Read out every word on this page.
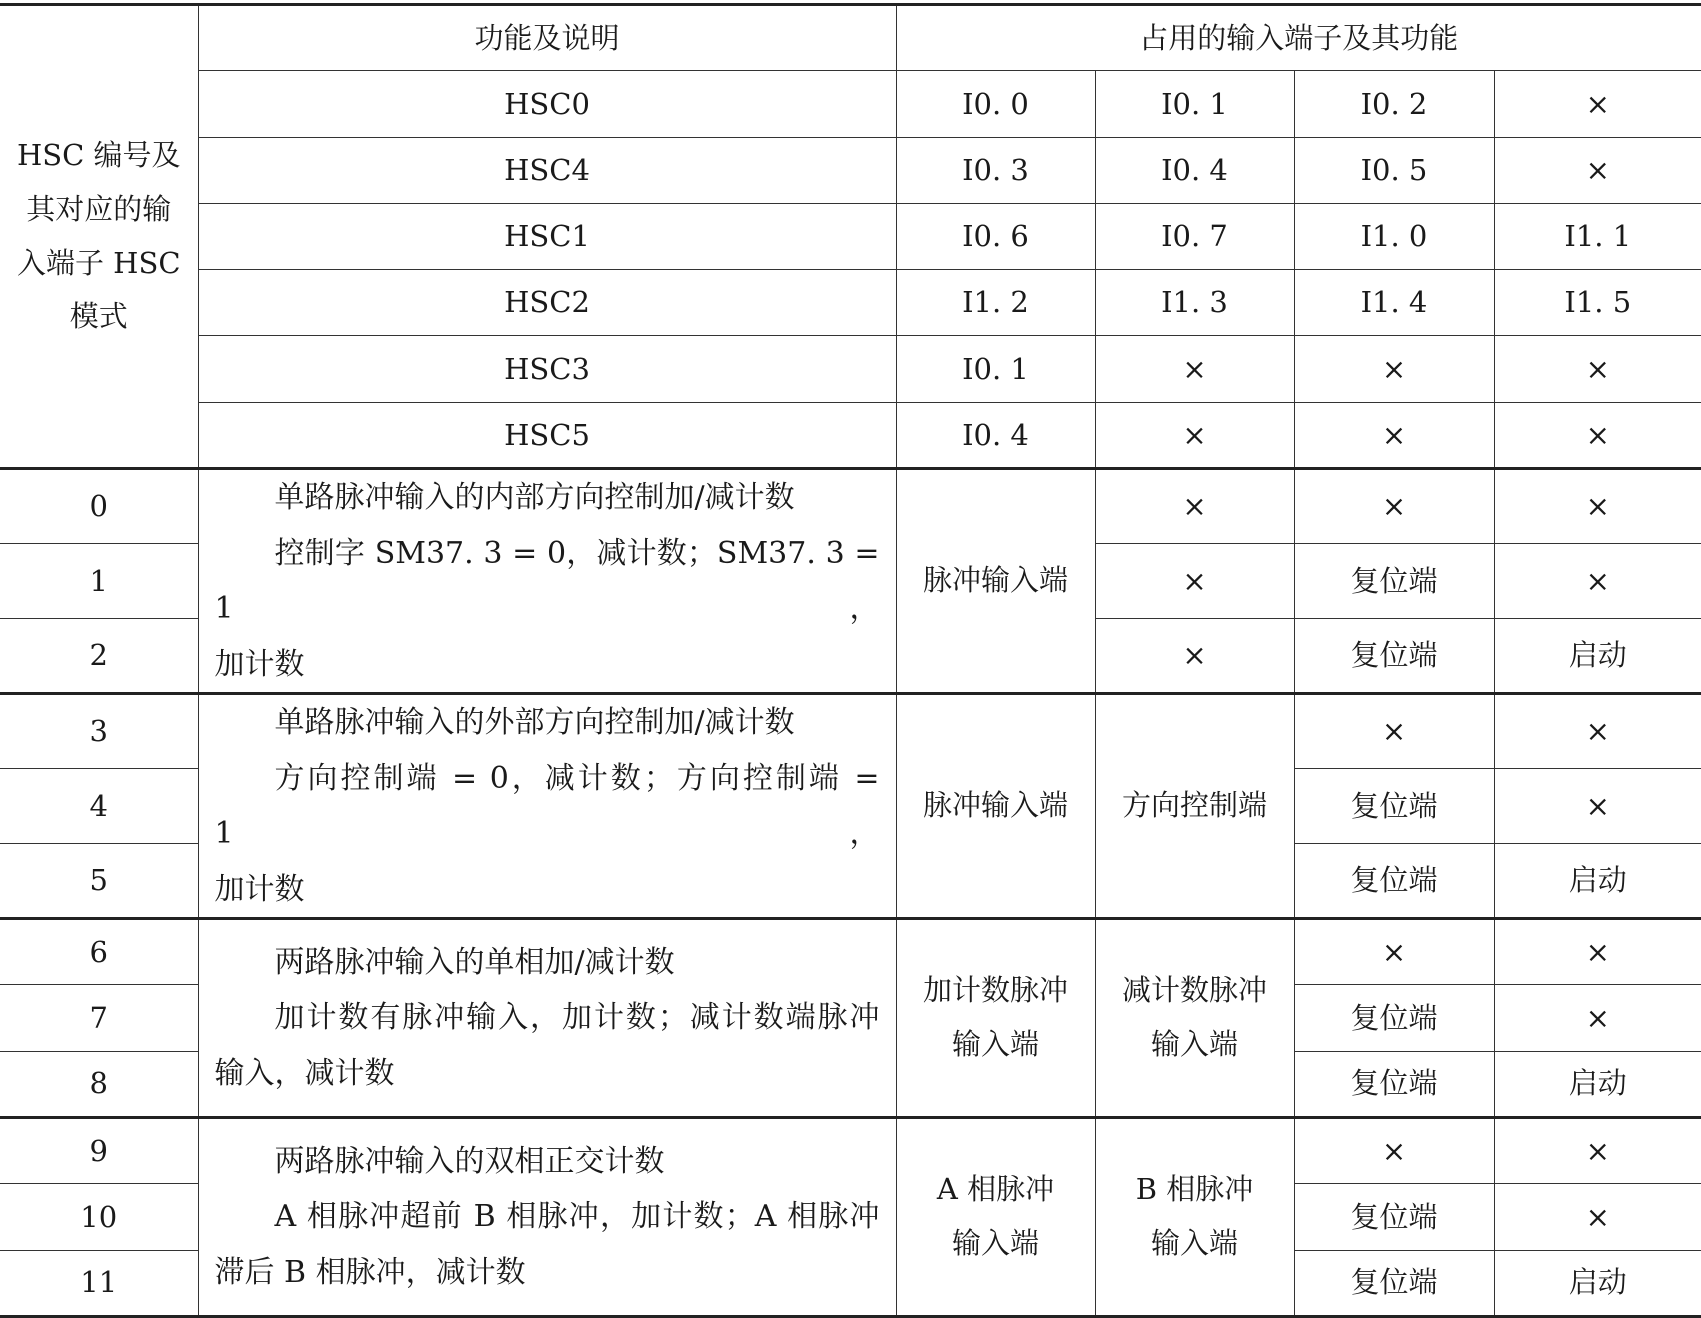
HSC 编号及
其对应的输
入端子 HSC
模式	功能及说明	占用的输入端子及其功能			
	HSC0	I0. 0	I0. 1	I0. 2	×
	HSC4	I0. 3	I0. 4	I0. 5	×
	HSC1	I0. 6	I0. 7	I1. 0	I1. 1
	HSC2	I1. 2	I1. 3	I1. 4	I1. 5
	HSC3	I0. 1	×	×	×
	HSC5	I0. 4	×	×	×
0	单路脉冲输入的内部方向控制加/减计数
控制字 SM37. 3 = 0，减计数；SM37. 3 = 1，
加计数	脉冲输入端	×	×	×
1			×	复位端	×
2			×	复位端	启动
3	单路脉冲输入的外部方向控制加/减计数
方向控制端 = 0，减计数；方向控制端 = 1，
加计数	脉冲输入端	方向控制端	×	×
4				复位端	×
5				复位端	启动
6	两路脉冲输入的单相加/减计数
加计数有脉冲输入，加计数；减计数端脉冲
输入，减计数	加计数脉冲
输入端	减计数脉冲
输入端	×	×
7				复位端	×
8				复位端	启动
9	两路脉冲输入的双相正交计数
A 相脉冲超前 B 相脉冲，加计数；A 相脉冲
滞后 B 相脉冲，减计数	A 相脉冲
输入端	B 相脉冲
输入端	×	×
10				复位端	×
11				复位端	启动
